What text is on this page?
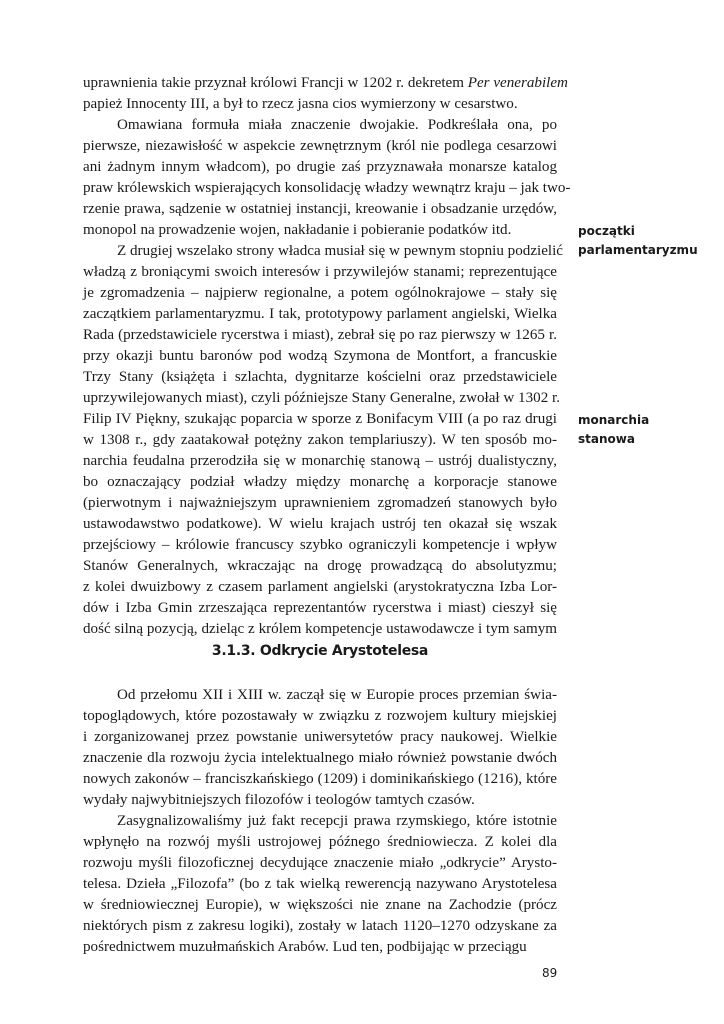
uprawnienia takie przyznał królowi Francji w 1202 r. dekretem Per venerabilem
papież Innocenty III, a był to rzecz jasna cios wymierzony w cesarstwo.
Omawiana formuła miała znaczenie dwojakie. Podkreślała ona, po
pierwsze, niezawisłość w aspekcie zewnętrznym (król nie podlega cesarzowi
ani żadnym innym władcom), po drugie zaś przyznawała monarsze katalog
praw królewskich wspierających konsolidację władzy wewnątrz kraju – jak two-
rzenie prawa, sądzenie w ostatniej instancji, kreowanie i obsadzanie urzędów,
monopol na prowadzenie wojen, nakładanie i pobieranie podatków itd.
Z drugiej wszelako strony władca musiał się w pewnym stopniu podzielić
władzą z broniącymi swoich interesów i przywilejów stanami; reprezentujące
je zgromadzenia – najpierw regionalne, a potem ogólnokrajowe – stały się
zaczątkiem parlamentaryzmu. I tak, prototypowy parlament angielski, Wielka
Rada (przedstawiciele rycerstwa i miast), zebrał się po raz pierwszy w 1265 r.
przy okazji buntu baronów pod wodzą Szymona de Montfort, a francuskie
Trzy Stany (książęta i szlachta, dygnitarze kościelni oraz przedstawiciele
uprzywilejowanych miast), czyli późniejsze Stany Generalne, zwołał w 1302 r.
Filip IV Piękny, szukając poparcia w sporze z Bonifacym VIII (a po raz drugi
w 1308 r., gdy zaatakował potężny zakon templariuszy). W ten sposób mo-
narchia feudalna przerodziła się w monarchię stanową – ustrój dualistyczny,
bo oznaczający podział władzy między monarchę a korporacje stanowe
(pierwotnym i najważniejszym uprawnieniem zgromadzeń stanowych było
ustawodawstwo podatkowe). W wielu krajach ustrój ten okazał się wszak
przejściowy – królowie francuscy szybko ograniczyli kompetencje i wpływ
Stanów Generalnych, wkraczając na drogę prowadzącą do absolutyzmu;
z kolei dwuizbowy z czasem parlament angielski (arystokratyczna Izba Lor-
dów i Izba Gmin zrzeszająca reprezentantów rycerstwa i miast) cieszył się
dość silną pozycją, dzieląc z królem kompetencje ustawodawcze i tym samym
początki
parlamentaryzmu
monarchia
stanowa
3.1.3. Odkrycie Arystotelesa
Od przełomu XII i XIII w. zaczął się w Europie proces przemian świa-
topoglądowych, które pozostawały w związku z rozwojem kultury miejskiej
i zorganizowanej przez powstanie uniwersytetów pracy naukowej. Wielkie
znaczenie dla rozwoju życia intelektualnego miało również powstanie dwóch
nowych zakonów – franciszkańskiego (1209) i dominikańskiego (1216), które
wydały najwybitniejszych filozofów i teologów tamtych czasów.
Zasygnalizowaliśmy już fakt recepcji prawa rzymskiego, które istotnie
wpłynęło na rozwój myśli ustrojowej późnego średniowiecza. Z kolei dla
rozwoju myśli filozoficznej decydujące znaczenie miało „odkrycie” Arysto-
telesa. Dzieła „Filozofa” (bo z tak wielką rewerencją nazywano Arystotelesa
w średniowiecznej Europie), w większości nie znane na Zachodzie (prócz
niektórych pism z zakresu logiki), zostały w latach 1120–1270 odzyskane za
pośrednictwem muzułmańskich Arabów. Lud ten, podbijając w przeciągu
89
